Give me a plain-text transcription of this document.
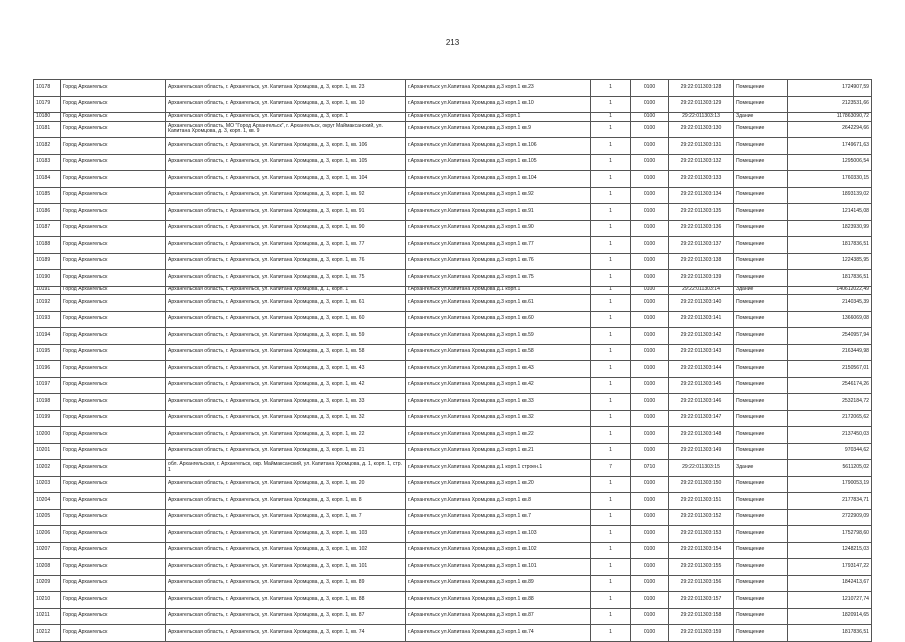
213
10178	Город Архангельск	Архангельская область, г. Архангельск, ул. Капитана Хромцова, д. 3, корп. 1, кв. 23	г.Архангельск ул.Капитана Хромцова д.3 корп.1 кв.23	1	0100	29:22:011303:128	Помещение	1724907,59
10179	Город Архангельск	Архангельская область, г. Архангельск, ул. Капитана Хромцова, д. 3, корп. 1, кв. 10	г.Архангельск ул.Капитана Хромцова д.3 корп.1 кв.10	1	0100	29:22:011303:129	Помещение	2123531,66
10180	Город Архангельск	Архангельская область, г. Архангельск, ул. Капитана Хромцова, д. 3, корп. 1	г.Архангельск ул.Капитана Хромцова д.3 корп.1	1	0100	29:22:011303:13	Здание	117863090,72
10181	Город Архангельск	Архангельская область, МО "Город Архангельск", г. Архангельск, округ Маймаксанский, ул. Капитана Хромцова, д. 3, корп. 1, кв. 9	г.Архангельск ул.Капитана Хромцова д.3 корп.1 кв.9	1	0100	29:22:011303:130	Помещение	2642294,66
10182	Город Архангельск	Архангельская область, г. Архангельск, ул. Капитана Хромцова, д. 3, корп. 1, кв. 106	г.Архангельск ул.Капитана Хромцова д.3 корп.1 кв.106	1	0100	29:22:011303:131	Помещение	1749671,63
10183	Город Архангельск	Архангельская область, г. Архангельск, ул. Капитана Хромцова, д. 3, корп. 1, кв. 105	г.Архангельск ул.Капитана Хромцова д.3 корп.1 кв.105	1	0100	29:22:011303:132	Помещение	1295006,54
10184	Город Архангельск	Архангельская область, г. Архангельск, ул. Капитана Хромцова, д. 3, корп. 1, кв. 104	г.Архангельск ул.Капитана Хромцова д.3 корп.1 кв.104	1	0100	29:22:011303:133	Помещение	1760330,15
10185	Город Архангельск	Архангельская область, г. Архангельск, ул. Капитана Хромцова, д. 3, корп. 1, кв. 92	г.Архангельск ул.Капитана Хромцова д.3 корп.1 кв.92	1	0100	29:22:011303:134	Помещение	1893139,02
10186	Город Архангельск	Архангельская область, г. Архангельск, ул. Капитана Хромцова, д. 3, корп. 1, кв. 91	г.Архангельск ул.Капитана Хромцова д.3 корп.1 кв.91	1	0100	29:22:011303:135	Помещение	1214145,08
10187	Город Архангельск	Архангельская область, г. Архангельск, ул. Капитана Хромцова, д. 3, корп. 1, кв. 90	г.Архангельск ул.Капитана Хромцова д.3 корп.1 кв.90	1	0100	29:22:011303:136	Помещение	1823930,99
10188	Город Архангельск	Архангельская область, г. Архангельск, ул. Капитана Хромцова, д. 3, корп. 1, кв. 77	г.Архангельск ул.Капитана Хромцова д.3 корп.1 кв.77	1	0100	29:22:011303:137	Помещение	1817836,51
10189	Город Архангельск	Архангельская область, г. Архангельск, ул. Капитана Хромцова, д. 3, корп. 1, кв. 76	г.Архангельск ул.Капитана Хромцова д.3 корп.1 кв.76	1	0100	29:22:011303:138	Помещение	1224385,95
10190	Город Архангельск	Архангельская область, г. Архангельск, ул. Капитана Хромцова, д. 3, корп. 1, кв. 75	г.Архангельск ул.Капитана Хромцова д.3 корп.1 кв.75	1	0100	29:22:011303:139	Помещение	1817836,51
10191	Город Архангельск	Архангельская область, г. Архангельск, ул. Капитана Хромцова, д. 1, корп. 1	г.Архангельск ул.Капитана Хромцова д.1 корп.1	1	0100	29:22:011303:14	Здание	140612022,49
10192	Город Архангельск	Архангельская область, г. Архангельск, ул. Капитана Хромцова, д. 3, корп. 1, кв. 61	г.Архангельск ул.Капитана Хромцова д.3 корп.1 кв.61	1	0100	29:22:011303:140	Помещение	2140345,39
10193	Город Архангельск	Архангельская область, г. Архангельск, ул. Капитана Хромцова, д. 3, корп. 1, кв. 60	г.Архангельск ул.Капитана Хромцова д.3 корп.1 кв.60	1	0100	29:22:011303:141	Помещение	1366069,08
10194	Город Архангельск	Архангельская область, г. Архангельск, ул. Капитана Хромцова, д. 3, корп. 1, кв. 59	г.Архангельск ул.Капитана Хромцова д.3 корп.1 кв.59	1	0100	29:22:011303:142	Помещение	2540957,94
10195	Город Архангельск	Архангельская область, г. Архангельск, ул. Капитана Хромцова, д. 3, корп. 1, кв. 58	г.Архангельск ул.Капитана Хромцова д.3 корп.1 кв.58	1	0100	29:22:011303:143	Помещение	2163449,98
10196	Город Архангельск	Архангельская область, г. Архангельск, ул. Капитана Хромцова, д. 3, корп. 1, кв. 43	г.Архангельск ул.Капитана Хромцова д.3 корп.1 кв.43	1	0100	29:22:011303:144	Помещение	2150567,01
10197	Город Архангельск	Архангельская область, г. Архангельск, ул. Капитана Хромцова, д. 3, корп. 1, кв. 42	г.Архангельск ул.Капитана Хромцова д.3 корп.1 кв.42	1	0100	29:22:011303:145	Помещение	2546174,26
10198	Город Архангельск	Архангельская область, г. Архангельск, ул. Капитана Хромцова, д. 3, корп. 1, кв. 33	г.Архангельск ул.Капитана Хромцова д.3 корп.1 кв.33	1	0100	29:22:011303:146	Помещение	2532184,72
10199	Город Архангельск	Архангельская область, г. Архангельск, ул. Капитана Хромцова, д. 3, корп. 1, кв. 32	г.Архангельск ул.Капитана Хромцова д.3 корп.1 кв.32	1	0100	29:22:011303:147	Помещение	2172065,62
10200	Город Архангельск	Архангельская область, г. Архангельск, ул. Капитана Хромцова, д. 3, корп. 1, кв. 22	г.Архангельск ул.Капитана Хромцова д.3 корп.1 кв.22	1	0100	29:22:011303:148	Помещение	2137450,03
10201	Город Архангельск	Архангельская область, г. Архангельск, ул. Капитана Хромцова, д. 3, корп. 1, кв. 21	г.Архангельск ул.Капитана Хромцова д.3 корп.1 кв.21	1	0100	29:22:011303:149	Помещение	970344,62
10202	Город Архангельск	обл. Архангельская, г. Архангельск, окр. Маймаксанский, ул. Капитана Хромцова, д. 1, корп. 1, стр. 1	г.Архангельск ул.Капитана Хромцова д.1 корп.1 строен.1	7	0710	29:22:011303:15	Здание	5611205,02
10203	Город Архангельск	Архангельская область, г. Архангельск, ул. Капитана Хромцова, д. 3, корп. 1, кв. 20	г.Архангельск ул.Капитана Хромцова д.3 корп.1 кв.20	1	0100	29:22:011303:150	Помещение	1790053,19
10204	Город Архангельск	Архангельская область, г. Архангельск, ул. Капитана Хромцова, д. 3, корп. 1, кв. 8	г.Архангельск ул.Капитана Хромцова д.3 корп.1 кв.8	1	0100	29:22:011303:151	Помещение	2177834,71
10205	Город Архангельск	Архангельская область, г. Архангельск, ул. Капитана Хромцова, д. 3, корп. 1, кв. 7	г.Архангельск ул.Капитана Хромцова д.3 корп.1 кв.7	1	0100	29:22:011303:152	Помещение	2722909,09
10206	Город Архангельск	Архангельская область, г. Архангельск, ул. Капитана Хромцова, д. 3, корп. 1, кв. 103	г.Архангельск ул.Капитана Хромцова д.3 корп.1 кв.103	1	0100	29:22:011303:153	Помещение	1752798,60
10207	Город Архангельск	Архангельская область, г. Архангельск, ул. Капитана Хромцова, д. 3, корп. 1, кв. 102	г.Архангельск ул.Капитана Хромцова д.3 корп.1 кв.102	1	0100	29:22:011303:154	Помещение	1248215,03
10208	Город Архангельск	Архангельская область, г. Архангельск, ул. Капитана Хромцова, д. 3, корп. 1, кв. 101	г.Архангельск ул.Капитана Хромцова д.3 корп.1 кв.101	1	0100	29:22:011303:155	Помещение	1793147,22
10209	Город Архангельск	Архангельская область, г. Архангельск, ул. Капитана Хромцова, д. 3, корп. 1, кв. 89	г.Архангельск ул.Капитана Хромцова д.3 корп.1 кв.89	1	0100	29:22:011303:156	Помещение	1842413,67
10210	Город Архангельск	Архангельская область, г. Архангельск, ул. Капитана Хромцова, д. 3, корп. 1, кв. 88	г.Архангельск ул.Капитана Хромцова д.3 корп.1 кв.88	1	0100	29:22:011303:157	Помещение	1210727,74
10211	Город Архангельск	Архангельская область, г. Архангельск, ул. Капитана Хромцова, д. 3, корп. 1, кв. 87	г.Архангельск ул.Капитана Хромцова д.3 корп.1 кв.87	1	0100	29:22:011303:158	Помещение	1820914,65
10212	Город Архангельск	Архангельская область, г. Архангельск, ул. Капитана Хромцова, д. 3, корп. 1, кв. 74	г.Архангельск ул.Капитана Хромцова д.3 корп.1 кв.74	1	0100	29:22:011303:159	Помещение	1817836,51
